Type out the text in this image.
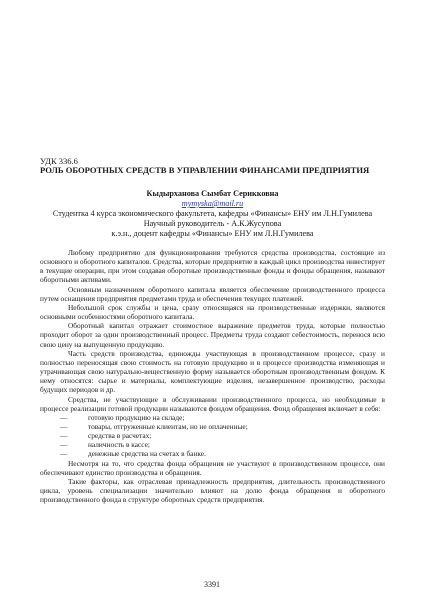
УДК 336.6
РОЛЬ ОБОРОТНЫХ СРЕДСТВ В УПРАВЛЕНИИ ФИНАНСАМИ ПРЕДПРИЯТИЯ
Кыдырханова Сымбат Серикковна
mymyska@mail.ru
Студентка 4 курса экономического факультета, кафедры «Финансы» ЕНУ им Л.Н.Гумилева
Научный руководитель - А.К.Жусупова
к.э.н., доцент кафедры «Финансы» ЕНУ им Л.Н.Гумилева

Любому предприятию для функционирования требуются средства производства, состоящие из основного и оборотного капиталов. Средства, которые предприятие в каждый цикл производства инвестирует в текущие операции, при этом создавая оборотные производственные фонды и фонды обращения, называют оборотными активами.

Основным назначением оборотного капитала является обеспечение производственного процесса путем оснащения предприятия предметами труда и обеспечения текущих платежей.

Небольшой срок службы и цена, сразу относящаяся на производственные издержки, являются основными особенностями оборотного капитала.

Оборотный капитал отражает стоимостное выражение предметов труда, которые полностью проходит оборот за один производственный процесс. Предметы труда создают себестоимость, перенося всю свою цену на выпущенную продукцию.

Часть средств производства, единожды участвующая в производственном процессе, сразу и полностью переносящая свою стоимость на готовую продукцию и в процессе производства изменяющая и утрачивающая свою натурально-вещественную форму называется оборотным производственным фондом. К нему относятся: сырье и материалы, комплектующие изделия, незавершенное производство, расходы будущих периодов и др.

Средства, не участвующие в обслуживании производственного процесса, но необходимые в процессе реализации готовой продукции называются фондом обращения. Фонд обращения включает в себя:

—	готовую продукцию на складе;
—	товары, отгруженные клиентам, но не оплаченные;
—	средства в расчетах;
—	наличность в кассе;
—	денежные средства на счетах в банке.

Несмотря на то, что средства фонда обращения не участвуют в производственном процессе, они обеспечивают единство производства и обращения.

Такие факторы, как отраслевая принадлежность предприятия, длительность производственного цикла, уровень специализации значительно влияют на долю фонда обращения и оборотного производственного фонда в структуре оборотных средств предприятия.

3391
